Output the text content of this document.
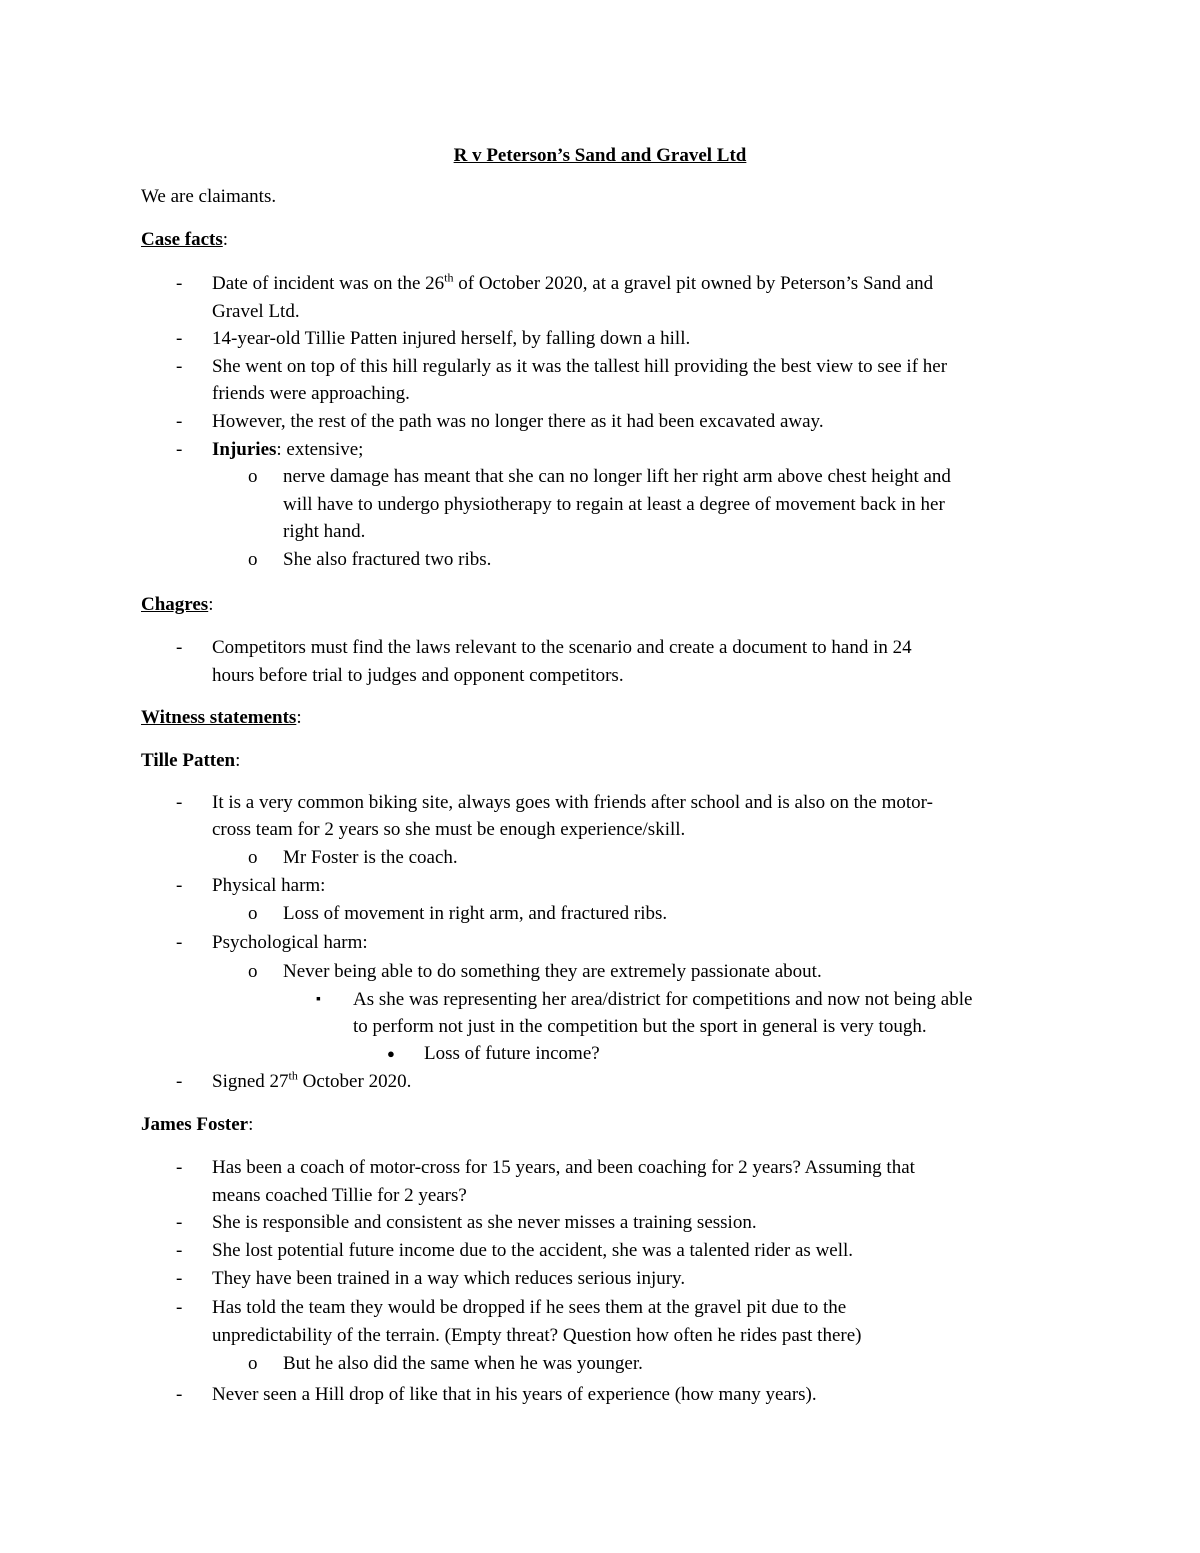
R v Peterson’s Sand and Gravel Ltd
We are claimants.
Case facts:
- Date of incident was on the 26th of October 2020, at a gravel pit owned by Peterson’s Sand and
Gravel Ltd.
- 14-year-old Tillie Patten injured herself, by falling down a hill.
- She went on top of this hill regularly as it was the tallest hill providing the best view to see if her
friends were approaching.
- However, the rest of the path was no longer there as it had been excavated away.
- Injuries: extensive;
o nerve damage has meant that she can no longer lift her right arm above chest height and
will have to undergo physiotherapy to regain at least a degree of movement back in her
right hand.
o She also fractured two ribs.
Chagres:
- Competitors must find the laws relevant to the scenario and create a document to hand in 24
hours before trial to judges and opponent competitors.
Witness statements:
Tille Patten:
- It is a very common biking site, always goes with friends after school and is also on the motor-
cross team for 2 years so she must be enough experience/skill.
o Mr Foster is the coach.
- Physical harm:
o Loss of movement in right arm, and fractured ribs.
- Psychological harm:
o Never being able to do something they are extremely passionate about.
▪ As she was representing her area/district for competitions and now not being able
to perform not just in the competition but the sport in general is very tough.
● Loss of future income?
- Signed 27th October 2020.
James Foster:
- Has been a coach of motor-cross for 15 years, and been coaching for 2 years? Assuming that
means coached Tillie for 2 years?
- She is responsible and consistent as she never misses a training session.
- She lost potential future income due to the accident, she was a talented rider as well.
- They have been trained in a way which reduces serious injury.
- Has told the team they would be dropped if he sees them at the gravel pit due to the
unpredictability of the terrain. (Empty threat? Question how often he rides past there)
o But he also did the same when he was younger.
- Never seen a Hill drop of like that in his years of experience (how many years).
